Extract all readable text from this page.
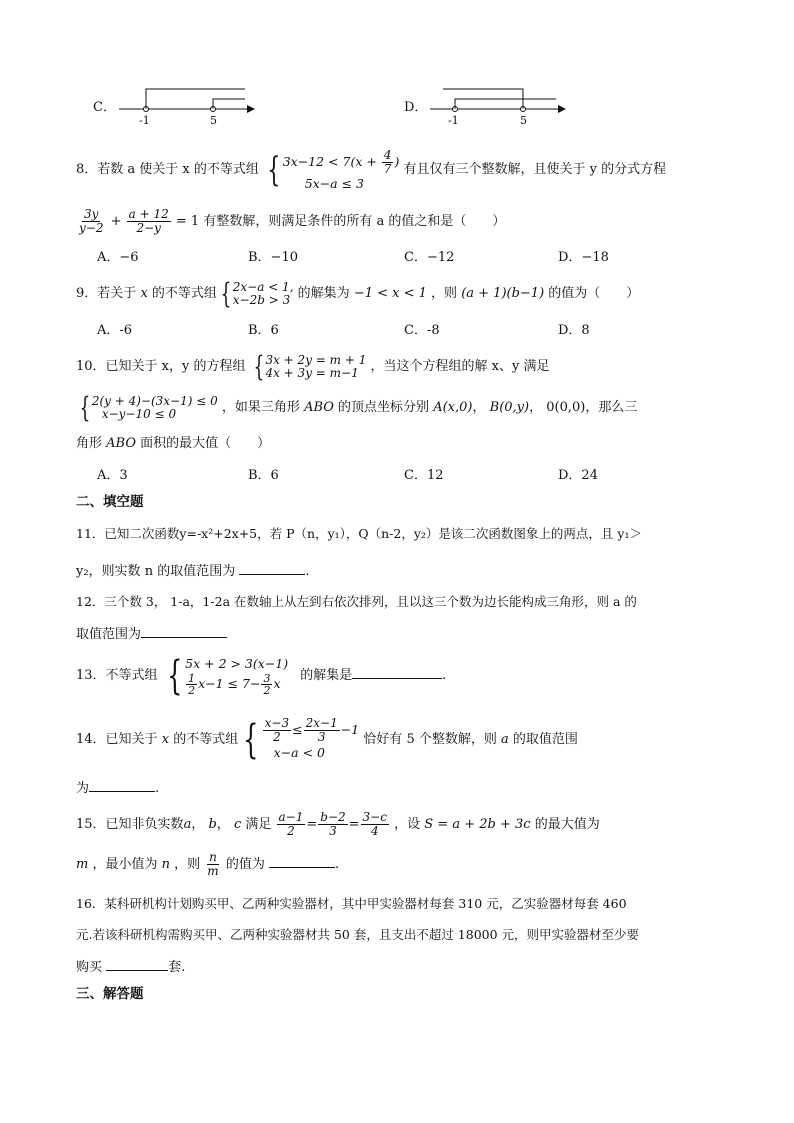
C．
-1	5
D．
-1	5
8．若数 a 使关于 x 的不等式组 { $3x-12 < 7(x + \frac{4}{7}$ )
5x−a ≤ 3 有且仅有三个整数解，且使关于 y 的分式方程
$\frac{3y}{y-2} + \frac{a + 12}{2-y} = 1$ 有整数解，则满足条件的所有 a 的值之和是（　　）
A．−6	B．−10	C．−12	D．−18
9．若关于 x 的不等式组 { 2x−a < 1,
x−2b > 3 的解集为 −1 < x < 1 ，则 (a + 1)(b−1) 的值为（　　）
A．-6	B．6	C．-8	D．8
10．已知关于 x，y 的方程组 { 3x + 2y = m + 1
4x + 3y = m−1 ，当这个方程组的解 x、y 满足
{ 2(y + 4)−(3x−1) ≤ 0
x−y−10 ≤ 0	，如果三角形 ABO 的顶点坐标分别 A(x,0)， B(0,y)， 0(0,0)，那么三
角形 ABO 面积的最大值（　　）
A．3	B．6	C．12	D．24
二、填空题
11．已知二次函数y=-x²+2x+5，若 P（n，y₁），Q（n-2，y₂）是该二次函数图象上的两点，且 y₁＞
y₂，则实数 n 的取值范围为	.
12．三个数 3， 1-a，1-2a 在数轴上从左到右依次排列，且以这三个数为边长能构成三角形，则 a 的
取值范围为
13．不等式组 { 5x + 2 > 3(x−1)

$\frac{1}{2} x-1 \le 7- \frac{3}{2}$ x 的解集是	.
14．已知关于 x 的不等式组 { $\frac{x-3}{2} \le \frac{2x-1}{3} -1$
x−a < 0 恰好有 5 个整数解，则 a 的取值范围
为	.
15．已知非负实数a， b， c 满足 $\frac{a-1}{2} = \frac{b-2}{3} = \frac{3-c}{4}$ ，设 S = a + 2b + 3c 的最大值为
m ，最小值为 n ，则 $\frac{n}{m}$ 的值为	.
16．某科研机构计划购买甲、乙两种实验器材，其中甲实验器材每套 310 元，乙实验器材每套 460
元.若该科研机构需购买甲、乙两种实验器材共 50 套，且支出不超过 18000 元，则甲实验器材至少要
购买	套.
三、解答题
